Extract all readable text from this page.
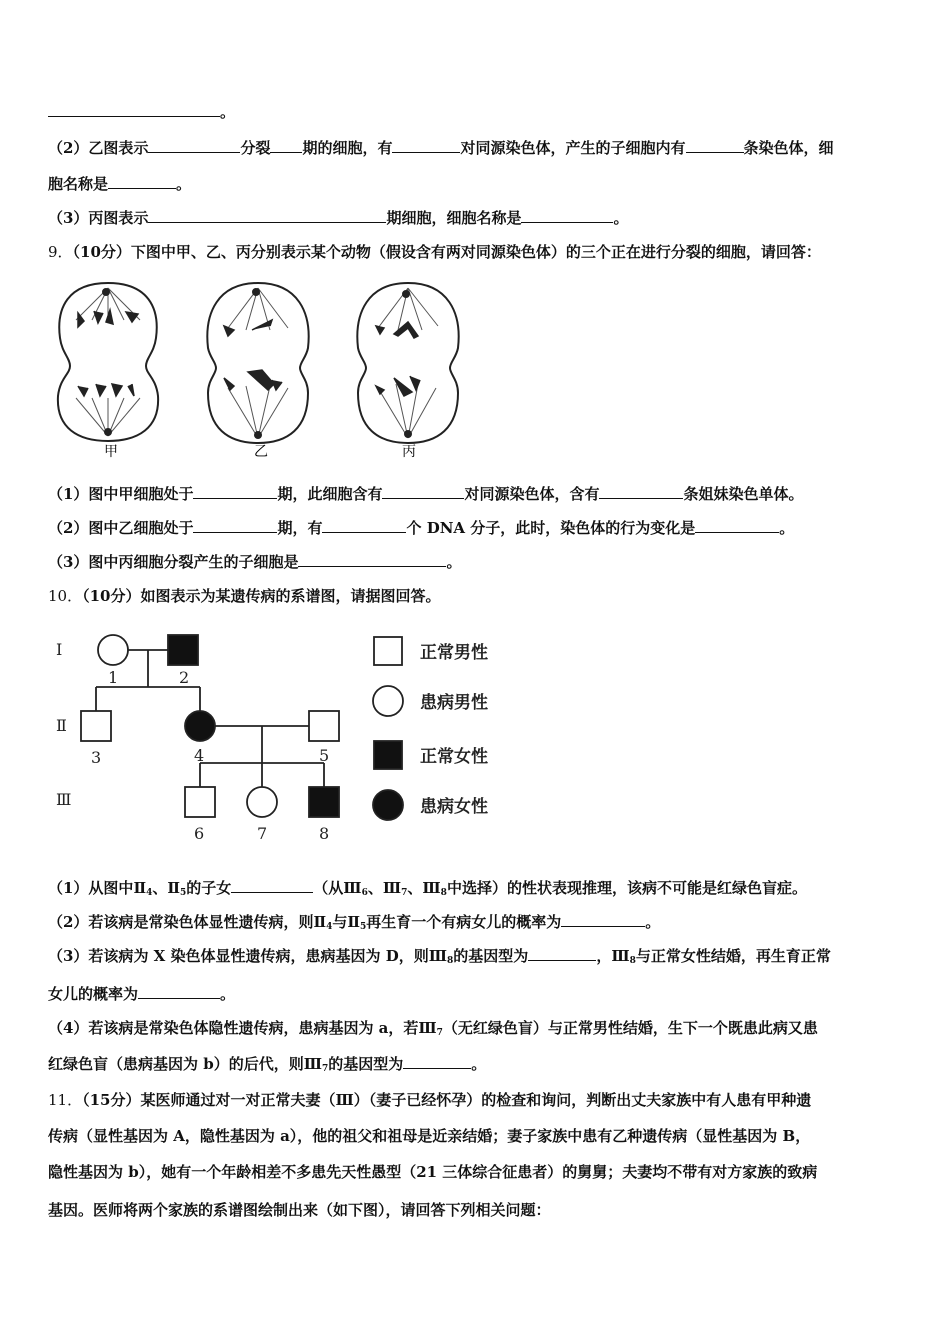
。
（2）乙图表示	分裂 期的细胞，有	对同源染色体，产生的子细胞内有	条染色体，细
胞名称是	。
（3）丙图表示	期细胞，细胞名称是	。
9．（10分）下图中甲、乙、丙分别表示某个动物（假设含有两对同源染色体）的三个正在进行分裂的细胞，请回答：
甲	乙	丙
（1）图中甲细胞处于	期，此细胞含有	对同源染色体，含有	条姐妹染色单体。
（2）图中乙细胞处于	期，有	个 DNA 分子，此时，染色体的行为变化是	。
（3）图中丙细胞分裂产生的子细胞是	。
10．（10分）如图表示为某遗传病的系谱图，请据图回答。
Ⅰ
Ⅱ
Ⅲ
1	2
3	4	5
6	7	8
正常男性
患病男性
正常女性
患病女性
（1）从图中$Ⅱ_4$、$Ⅱ_5$的子女	（从$Ⅲ_6$、$Ⅲ_7$、$Ⅲ_8$中选择）的性状表现推理，该病不可能是红绿色盲症。
（2）若该病是常染色体显性遗传病，则$Ⅱ_4$与$Ⅱ_5$再生育一个有病女儿的概率为	。
（3）若该病为 X 染色体显性遗传病，患病基因为 D，则$Ⅲ_8$的基因型为	，$Ⅲ_8$与正常女性结婚，再生育正常
女儿的概率为	。
（4）若该病是常染色体隐性遗传病，患病基因为 a，若$Ⅲ_7$（无红绿色盲）与正常男性结婚，生下一个既患此病又患
红绿色盲（患病基因为 b）的后代，则$Ⅲ_7$的基因型为	。
11．（15分）某医师通过对一对正常夫妻（Ⅲ）（妻子已经怀孕）的检查和询问，判断出丈夫家族中有人患有甲种遗
传病（显性基因为 A，隐性基因为 a），他的祖父和祖母是近亲结婚；妻子家族中患有乙种遗传病（显性基因为 B，
隐性基因为 b），她有一个年龄相差不多患先天性愚型（21 三体综合征患者）的舅舅；夫妻均不带有对方家族的致病
基因。医师将两个家族的系谱图绘制出来（如下图），请回答下列相关问题：
